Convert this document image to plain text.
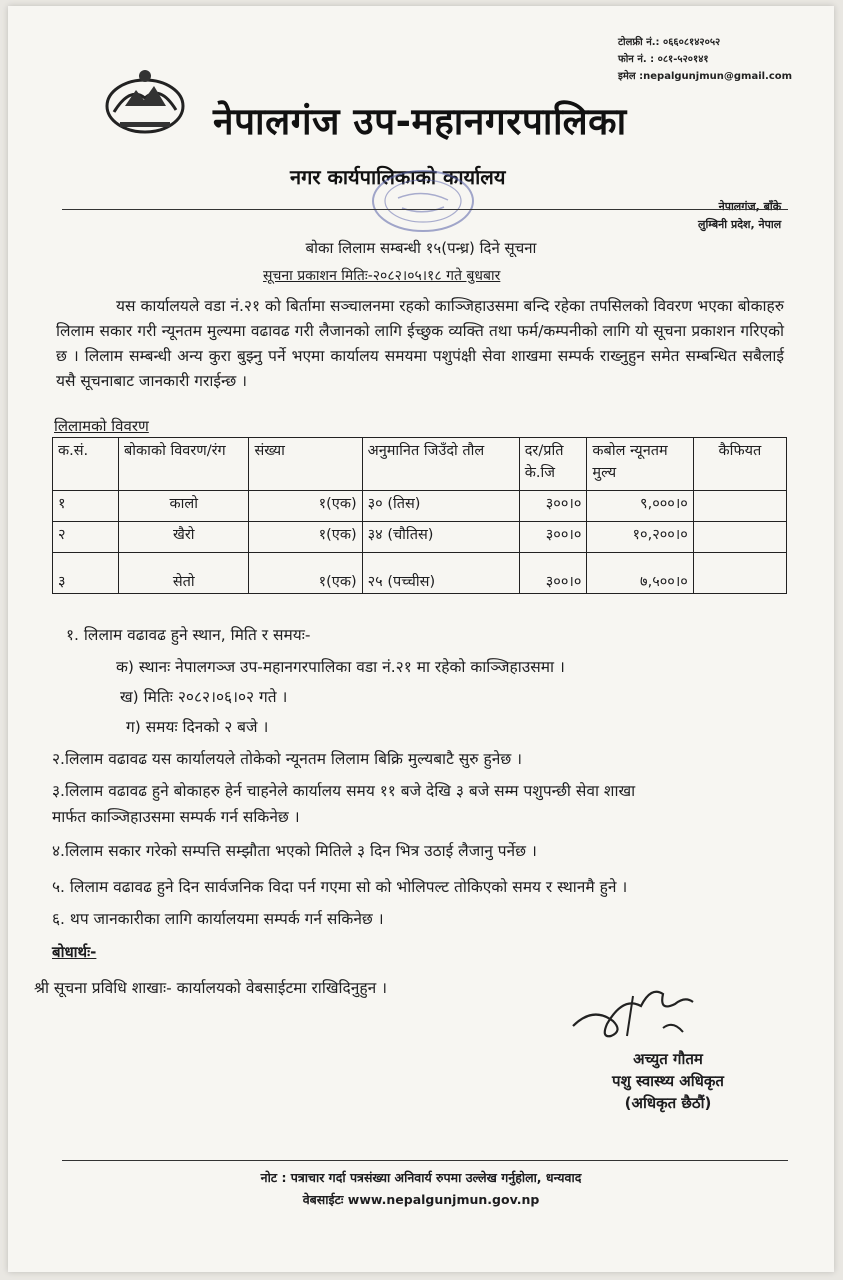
टोलफ्री नं.: ०६६०८१४२०५२
फोन नं. : ०८१-५२०१४१
इमेल :nepalgunjmun@gmail.com
नेपालगंज उप-महानगरपालिका
नगर कार्यपालिकाको कार्यालय
नेपालगंज, बाँके
लुम्बिनी प्रदेश, नेपाल
बोका लिलाम सम्बन्धी १५(पन्ध्र) दिने सूचना
सूचना प्रकाशन मितिः-२०८२।०५।१८ गते बुधबार

यस कार्यालयले वडा नं.२१ को बिर्तामा सञ्चालनमा रहको काञ्जिहाउसमा बन्दि रहेका तपसिलको विवरण भएका बोकाहरु लिलाम सकार गरी न्यूनतम मुल्यमा वढावढ गरी लैजानको लागि ईच्छुक व्यक्ति तथा फर्म/कम्पनीको लागि यो सूचना प्रकाशन गरिएको छ । लिलाम सम्बन्धी अन्य कुरा बुझ्नु पर्ने भएमा कार्यालय समयमा पशुपंक्षी सेवा शाखमा सम्पर्क राख्नुहुन समेत सम्बन्धित सबैलाई यसै सूचनाबाट जानकारी गराईन्छ ।

लिलामको विवरण
क.सं.	बोकाको विवरण/रंग	संख्या	अनुमानित जिउँदो तौल	दर/प्रति के.जि	कबोल न्यूनतम मुल्य	कैफियत
१	कालो	१(एक)	३० (तिस)	३००।०	९,०००।०	
२	खैरो	१(एक)	३४ (चौतिस)	३००।०	१०,२००।०	
३	सेतो	१(एक)	२५ (पच्चीस)	३००।०	७,५००।०	
१. लिलाम वढावढ हुने स्थान, मिति र समयः-
क) स्थानः नेपालगञ्ज उप-महानगरपालिका वडा नं.२१ मा रहेको काञ्जिहाउसमा ।
ख) मितिः २०८२।०६।०२ गते ।
ग) समयः दिनको २ बजे ।
२.लिलाम वढावढ यस कार्यालयले तोकेको न्यूनतम लिलाम बिक्रि मुल्यबाटै सुरु हुनेछ ।
३.लिलाम वढावढ हुने बोकाहरु हेर्न चाहनेले कार्यालय समय ११ बजे देखि ३ बजे सम्म पशुपन्छी सेवा शाखा
मार्फत काञ्जिहाउसमा सम्पर्क गर्न सकिनेछ ।
४.लिलाम सकार गरेको सम्पत्ति सम्झौता भएको मितिले ३ दिन भित्र उठाई लैजानु पर्नेछ ।
५. लिलाम वढावढ हुने दिन सार्वजनिक विदा पर्न गएमा सो को भोलिपल्ट तोकिएको समय र स्थानमै हुने ।
६. थप जानकारीका लागि कार्यालयमा सम्पर्क गर्न सकिनेछ ।
बोधार्थः-
श्री सूचना प्रविधि शाखाः- कार्यालयको वेबसाईटमा राखिदिनुहुन ।
अच्युत गौतम
पशु स्वास्थ्य अधिकृत
(अधिकृत छैठौं)
नोट : पत्राचार गर्दा पत्रसंख्या अनिवार्य रुपमा उल्लेख गर्नुहोला, धन्यवाद
वेबसाईटः www.nepalgunjmun.gov.np
